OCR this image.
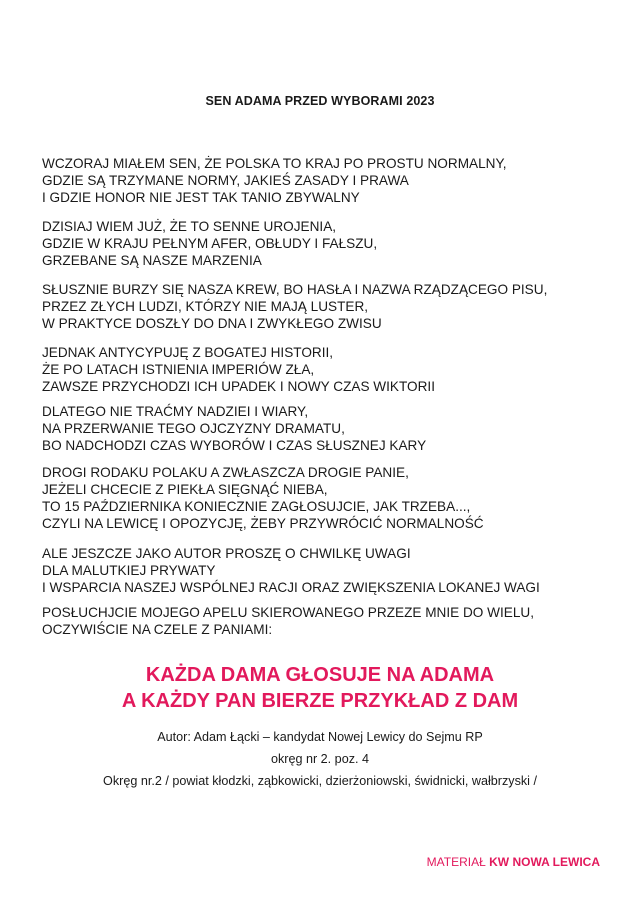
SEN ADAMA PRZED WYBORAMI 2023
WCZORAJ MIAŁEM SEN, ŻE POLSKA TO KRAJ PO PROSTU NORMALNY,
GDZIE SĄ TRZYMANE NORMY, JAKIEŚ ZASADY I PRAWA
I GDZIE HONOR NIE JEST TAK TANIO ZBYWALNY
DZISIAJ WIEM JUŻ, ŻE TO SENNE UROJENIA,
GDZIE W KRAJU PEŁNYM AFER, OBŁUDY I FAŁSZU,
GRZEBANE SĄ NASZE MARZENIA
SŁUSZNIE BURZY SIĘ NASZA KREW, BO HASŁA I NAZWA RZĄDZĄCEGO PISU,
PRZEZ ZŁYCH LUDZI, KTÓRZY NIE MAJĄ LUSTER,
W PRAKTYCE DOSZŁY DO DNA I ZWYKŁEGO ZWISU
JEDNAK ANTYCYPUJĘ Z BOGATEJ HISTORII,
ŻE PO LATACH ISTNIENIA IMPERIÓW ZŁA,
ZAWSZE PRZYCHODZI ICH UPADEK I NOWY CZAS WIKTORII
DLATEGO NIE TRAĆMY NADZIEI I WIARY,
NA PRZERWANIE TEGO OJCZYZNY DRAMATU,
BO NADCHODZI CZAS WYBORÓW I CZAS SŁUSZNEJ KARY
DROGI RODAKU POLAKU A ZWŁASZCZA DROGIE PANIE,
JEŻELI CHCECIE Z PIEKŁA SIĘGNĄĆ NIEBA,
TO 15 PAŹDZIERNIKA KONIECZNIE ZAGŁOSUJCIE, JAK TRZEBA...,
CZYLI NA LEWICĘ I OPOZYCJĘ, ŻEBY PRZYWRÓCIĆ NORMALNOŚĆ
ALE JESZCZE JAKO AUTOR PROSZĘ O CHWILKĘ UWAGI
DLA MALUTKIEJ PRYWATY
I WSPARCIA NASZEJ WSPÓLNEJ RACJI ORAZ ZWIĘKSZENIA LOKANEJ WAGI
POSŁUCHJCIE MOJEGO APELU SKIEROWANEGO PRZEZE MNIE DO WIELU,
OCZYWIŚCIE NA CZELE Z PANIAMI:
KAŻDA DAMA GŁOSUJE NA ADAMA
A KAŻDY PAN BIERZE PRZYKŁAD Z DAM
Autor: Adam Łącki – kandydat Nowej Lewicy do Sejmu RP
okręg nr 2. poz. 4
Okręg nr.2 / powiat kłodzki, ząbkowicki, dzierżoniowski, świdnicki, wałbrzyski /
MATERIAŁ KW NOWA LEWICA
